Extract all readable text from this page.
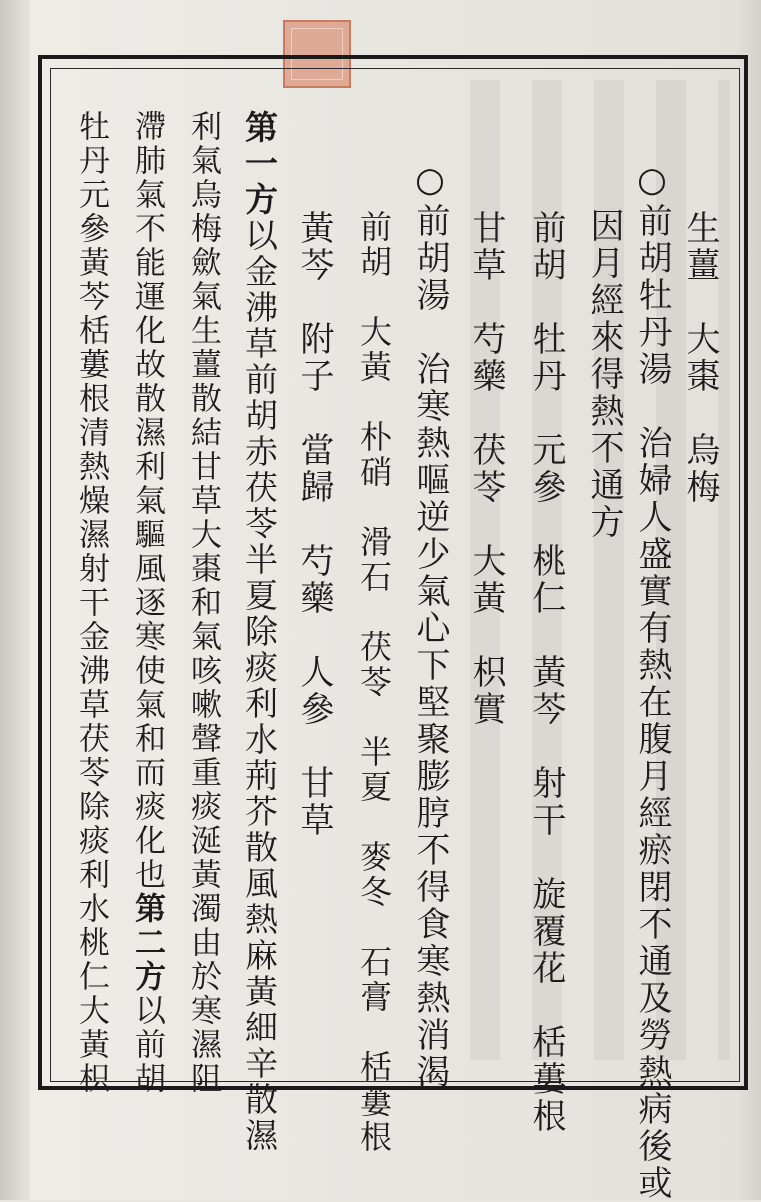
生薑　大棗　烏梅
○前胡牡丹湯　治婦人盛實有熱在腹月經瘀閉不通及勞熱病後或
因月經來得熱不通方
前胡　牡丹　元參　桃仁　黃芩　射干　旋覆花　栝蔞根
甘草　芍藥　茯苓　大黃　枳實
○前胡湯　治寒熱嘔逆少氣心下堅聚膨脝不得食寒熱消渴
前胡　大黃　朴硝　滑石　茯苓　半夏　麥冬　石膏　栝蔞根
黃芩　附子　當歸　芍藥　人參　甘草
第一方以金沸草前胡赤茯苓半夏除痰利水荊芥散風熱麻黃細辛散濕
利氣烏梅歛氣生薑散結甘草大棗和氣咳嗽聲重痰涎黃濁由於寒濕阻
滯肺氣不能運化故散濕利氣驅風逐寒使氣和而痰化也第二方以前胡
牡丹元參黃芩栝蔞根清熱燥濕射干金沸草茯苓除痰利水桃仁大黃枳
